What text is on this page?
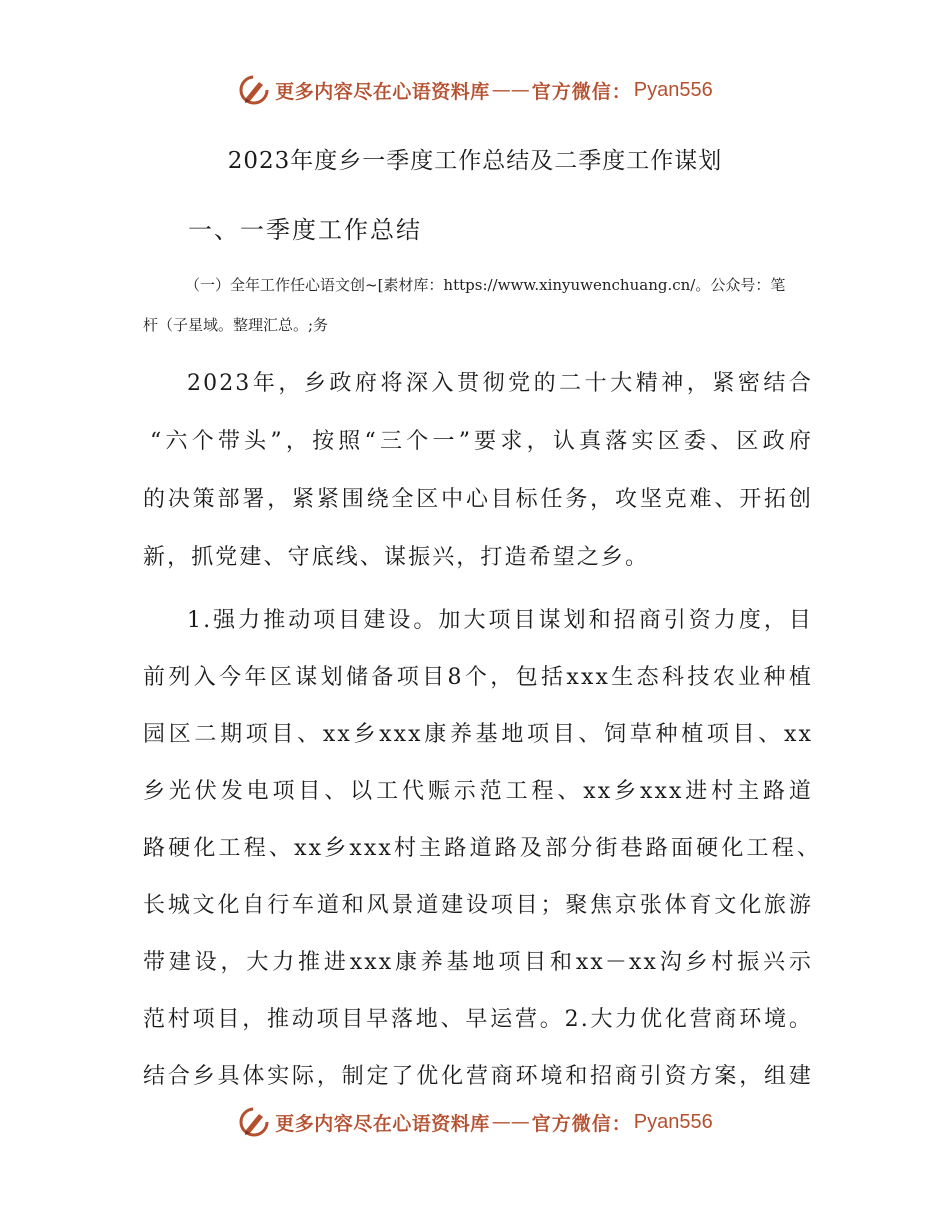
更多内容尽在心语资料库 —— 官方微信： Pyan556
2023年度乡一季度工作总结及二季度工作谋划
一、一季度工作总结
（一）全年工作任心语文创~[素材库：https://www.xinyuwenchuang.cn/。公众号：笔
杆（子星域。整理汇总。;务
2023年，乡政府将深入贯彻党的二十大精神，紧密结合
“六个带头”，按照“三个一”要求，认真落实区委、区政府
的决策部署，紧紧围绕全区中心目标任务，攻坚克难、开拓创
新，抓党建、守底线、谋振兴，打造希望之乡。
1.强力推动项目建设。加大项目谋划和招商引资力度，目
前列入今年区谋划储备项目8个，包括xxx生态科技农业种植
园区二期项目、xx乡xxx康养基地项目、饲草种植项目、xx
乡光伏发电项目、以工代赈示范工程、xx乡xxx进村主路道
路硬化工程、xx乡xxx村主路道路及部分街巷路面硬化工程、
长城文化自行车道和风景道建设项目；聚焦京张体育文化旅游
带建设，大力推进xxx康养基地项目和xx－xx沟乡村振兴示
范村项目，推动项目早落地、早运营。2.大力优化营商环境。
结合乡具体实际，制定了优化营商环境和招商引资方案，组建
更多内容尽在心语资料库 —— 官方微信： Pyan556
